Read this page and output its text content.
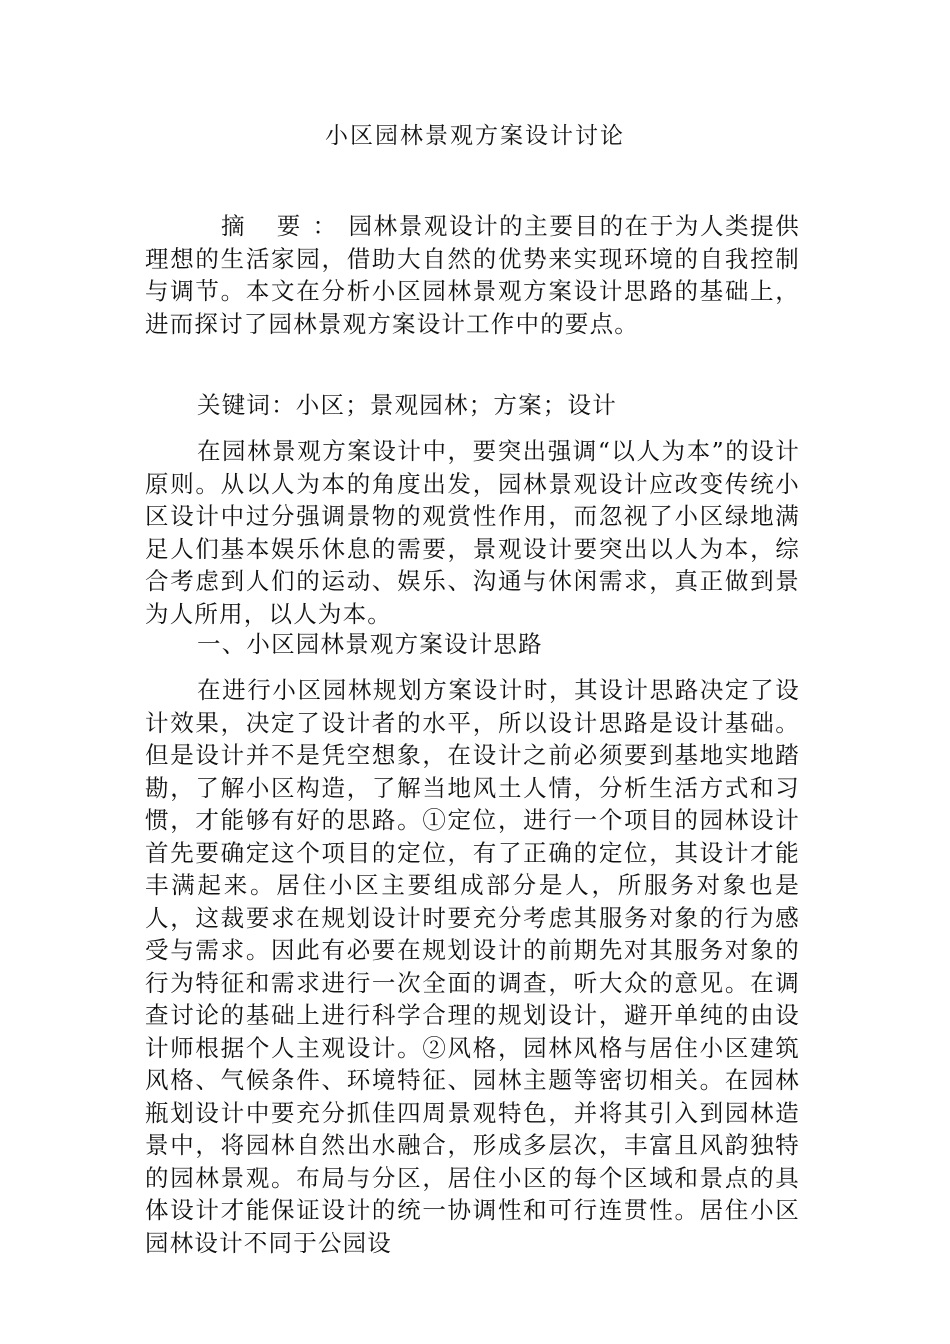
小区园林景观方案设计讨论
摘 要：园林景观设计的主要目的在于为人类提供理想的生活家园，借助大自然的优势来实现环境的自我控制与调节。本文在分析小区园林景观方案设计思路的基础上，进而探讨了园林景观方案设计工作中的要点。
关键词：小区；景观园林；方案；设计
在园林景观方案设计中，要突出强调“以人为本”的设计原则。从以人为本的角度出发，园林景观设计应改变传统小区设计中过分强调景物的观赏性作用，而忽视了小区绿地满足人们基本娱乐休息的需要，景观设计要突出以人为本，综合考虑到人们的运动、娱乐、沟通与休闲需求，真正做到景为人所用，以人为本。
一、小区园林景观方案设计思路
在进行小区园林规划方案设计时，其设计思路决定了设计效果，决定了设计者的水平，所以设计思路是设计基础。但是设计并不是凭空想象，在设计之前必须要到基地实地踏勘，了解小区构造，了解当地风土人情，分析生活方式和习惯，才能够有好的思路。①定位，进行一个项目的园林设计首先要确定这个项目的定位，有了正确的定位，其设计才能丰满起来。居住小区主要组成部分是人，所服务对象也是人，这裁要求在规划设计时要充分考虑其服务对象的行为感受与需求。因此有必要在规划设计的前期先对其服务对象的行为特征和需求进行一次全面的调查，听大众的意见。在调查讨论的基础上进行科学合理的规划设计，避开单纯的由设计师根据个人主观设计。②风格，园林风格与居住小区建筑风格、气候条件、环境特征、园林主题等密切相关。在园林瓶划设计中要充分抓佳四周景观特色，并将其引入到园林造景中，将园林自然出水融合，形成多层次，丰富且风韵独特的园林景观。布局与分区，居住小区的每个区域和景点的具体设计才能保证设计的统一协调性和可行连贯性。居住小区园林设计不同于公园设
